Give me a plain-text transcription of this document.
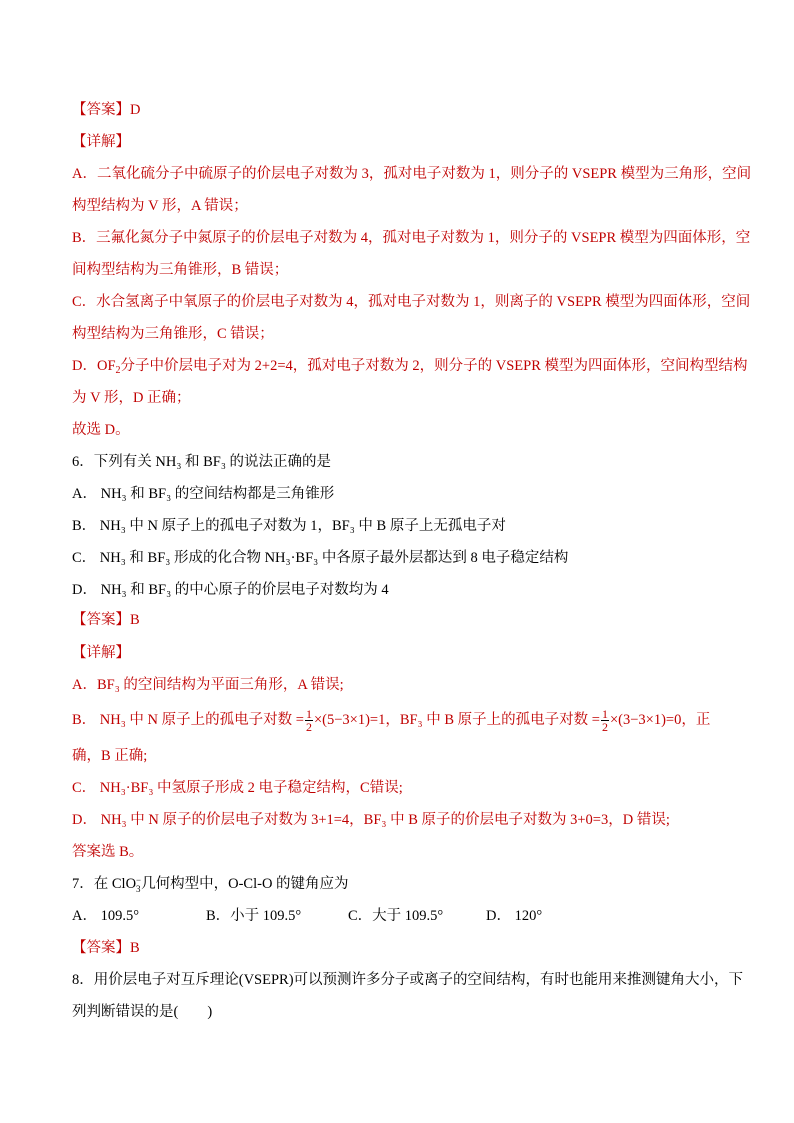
【答案】D
【详解】
A．二氧化硫分子中硫原子的价层电子对数为 3，孤对电子对数为 1，则分子的 VSEPR 模型为三角形，空间
构型结构为 V 形，A 错误；
B．三氟化氮分子中氮原子的价层电子对数为 4，孤对电子对数为 1，则分子的 VSEPR 模型为四面体形，空
间构型结构为三角锥形，B 错误；
C．水合氢离子中氧原子的价层电子对数为 4，孤对电子对数为 1，则离子的 VSEPR 模型为四面体形，空间
构型结构为三角锥形，C 错误；
D．$OF_2$分子中价层电子对为 2+2=4，孤对电子对数为 2，则分子的 VSEPR 模型为四面体形，空间构型结构
为 V 形，D 正确；
故选 D。
6．下列有关 NH₃ 和 BF₃ 的说法正确的是
A． NH₃ 和 BF₃ 的空间结构都是三角锥形
B． NH₃ 中 N 原子上的孤电子对数为 1，BF₃ 中 B 原子上无孤电子对
C． NH₃ 和 BF₃ 形成的化合物 NH₃·BF₃ 中各原子最外层都达到 8 电子稳定结构
D． NH₃ 和 BF₃ 的中心原子的价层电子对数均为 4
【答案】B
【详解】
A．BF₃ 的空间结构为平面三角形，A 错误;
B． NH₃ 中 N 原子上的孤电子对数 = $\frac{1}{2} \times(5-3\times 1)=1$，BF₃ 中 B 原子上的孤电子对数 = $\frac{1}{2} \times(3-3\times 1)=0$，正
确，B 正确;
C． NH₃·BF₃ 中氢原子形成 2 电子稳定结构，C错误;
D． NH₃ 中 N 原子的价层电子对数为 3+1=4，BF₃ 中 B 原子的价层电子对数为 3+0=3，D 错误;
答案选 B。
7．在 ClO −
3 几何构型中，O-Cl-O 的键角应为
A． 109.5°	B．小于 109.5°	C．大于 109.5°	D． 120°
【答案】B
8．用价层电子对互斥理论(VSEPR)可以预测许多分子或离子的空间结构，有时也能用来推测键角大小，下
列判断错误的是(　　)
